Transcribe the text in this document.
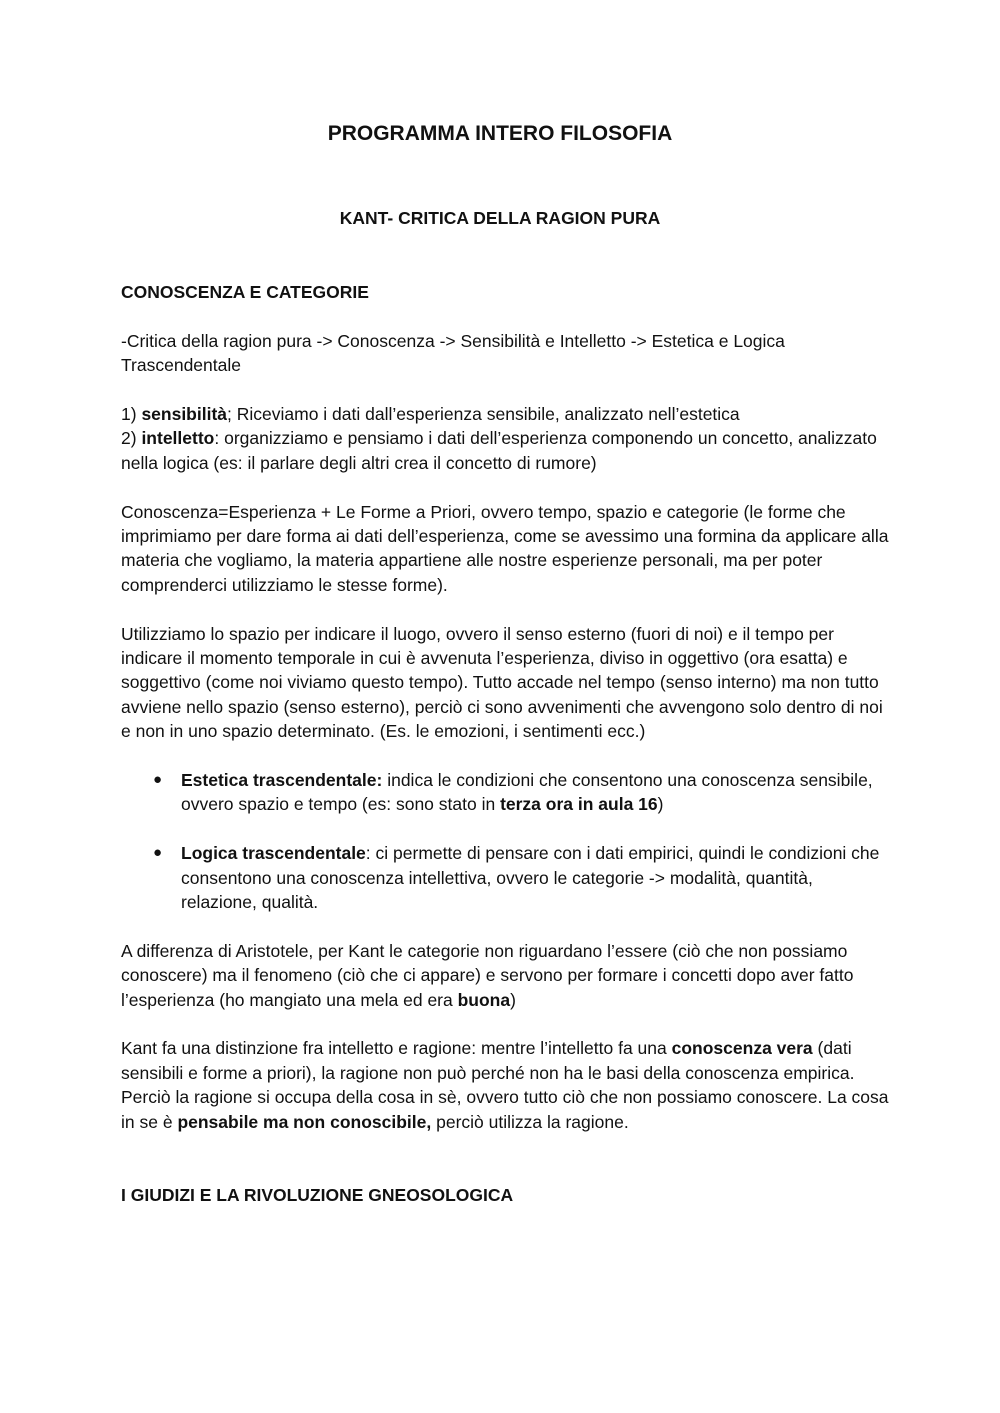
PROGRAMMA INTERO FILOSOFIA
KANT- CRITICA DELLA RAGION PURA
CONOSCENZA E CATEGORIE

-Critica della ragion pura -> Conoscenza -> Sensibilità e Intelletto -> Estetica e Logica Trascendentale

1) sensibilità; Riceviamo i dati dall’esperienza sensibile, analizzato nell’estetica
2) intelletto: organizziamo e pensiamo i dati dell’esperienza componendo un concetto, analizzato nella logica (es: il parlare degli altri crea il concetto di rumore)

Conoscenza=Esperienza + Le Forme a Priori, ovvero tempo, spazio e categorie (le forme che imprimiamo per dare forma ai dati dell’esperienza, come se avessimo una formina da applicare alla materia che vogliamo, la materia appartiene alle nostre esperienze personali, ma per poter comprenderci utilizziamo le stesse forme).

Utilizziamo lo spazio per indicare il luogo, ovvero il senso esterno (fuori di noi) e il tempo per indicare il momento temporale in cui è avvenuta l’esperienza, diviso in oggettivo (ora esatta) e soggettivo (come noi viviamo questo tempo). Tutto accade nel tempo (senso interno) ma non tutto avviene nello spazio (senso esterno), perciò ci sono avvenimenti che avvengono solo dentro di noi e non in uno spazio determinato. (Es. le emozioni, i sentimenti ecc.)

● Estetica trascendentale: indica le condizioni che consentono una conoscenza sensibile, ovvero spazio e tempo (es: sono stato in terza ora in aula 16)
● Logica trascendentale: ci permette di pensare con i dati empirici, quindi le condizioni che consentono una conoscenza intellettiva, ovvero le categorie -> modalità, quantità, relazione, qualità.

A differenza di Aristotele, per Kant le categorie non riguardano l’essere (ciò che non possiamo conoscere) ma il fenomeno (ciò che ci appare) e servono per formare i concetti dopo aver fatto l’esperienza (ho mangiato una mela ed era buona)

Kant fa una distinzione fra intelletto e ragione: mentre l’intelletto fa una conoscenza vera (dati sensibili e forme a priori), la ragione non può perché non ha le basi della conoscenza empirica. Perciò la ragione si occupa della cosa in sè, ovvero tutto ciò che non possiamo conoscere. La cosa in se è pensabile ma non conoscibile, perciò utilizza la ragione.

I GIUDIZI E LA RIVOLUZIONE GNEOSOLOGICA
